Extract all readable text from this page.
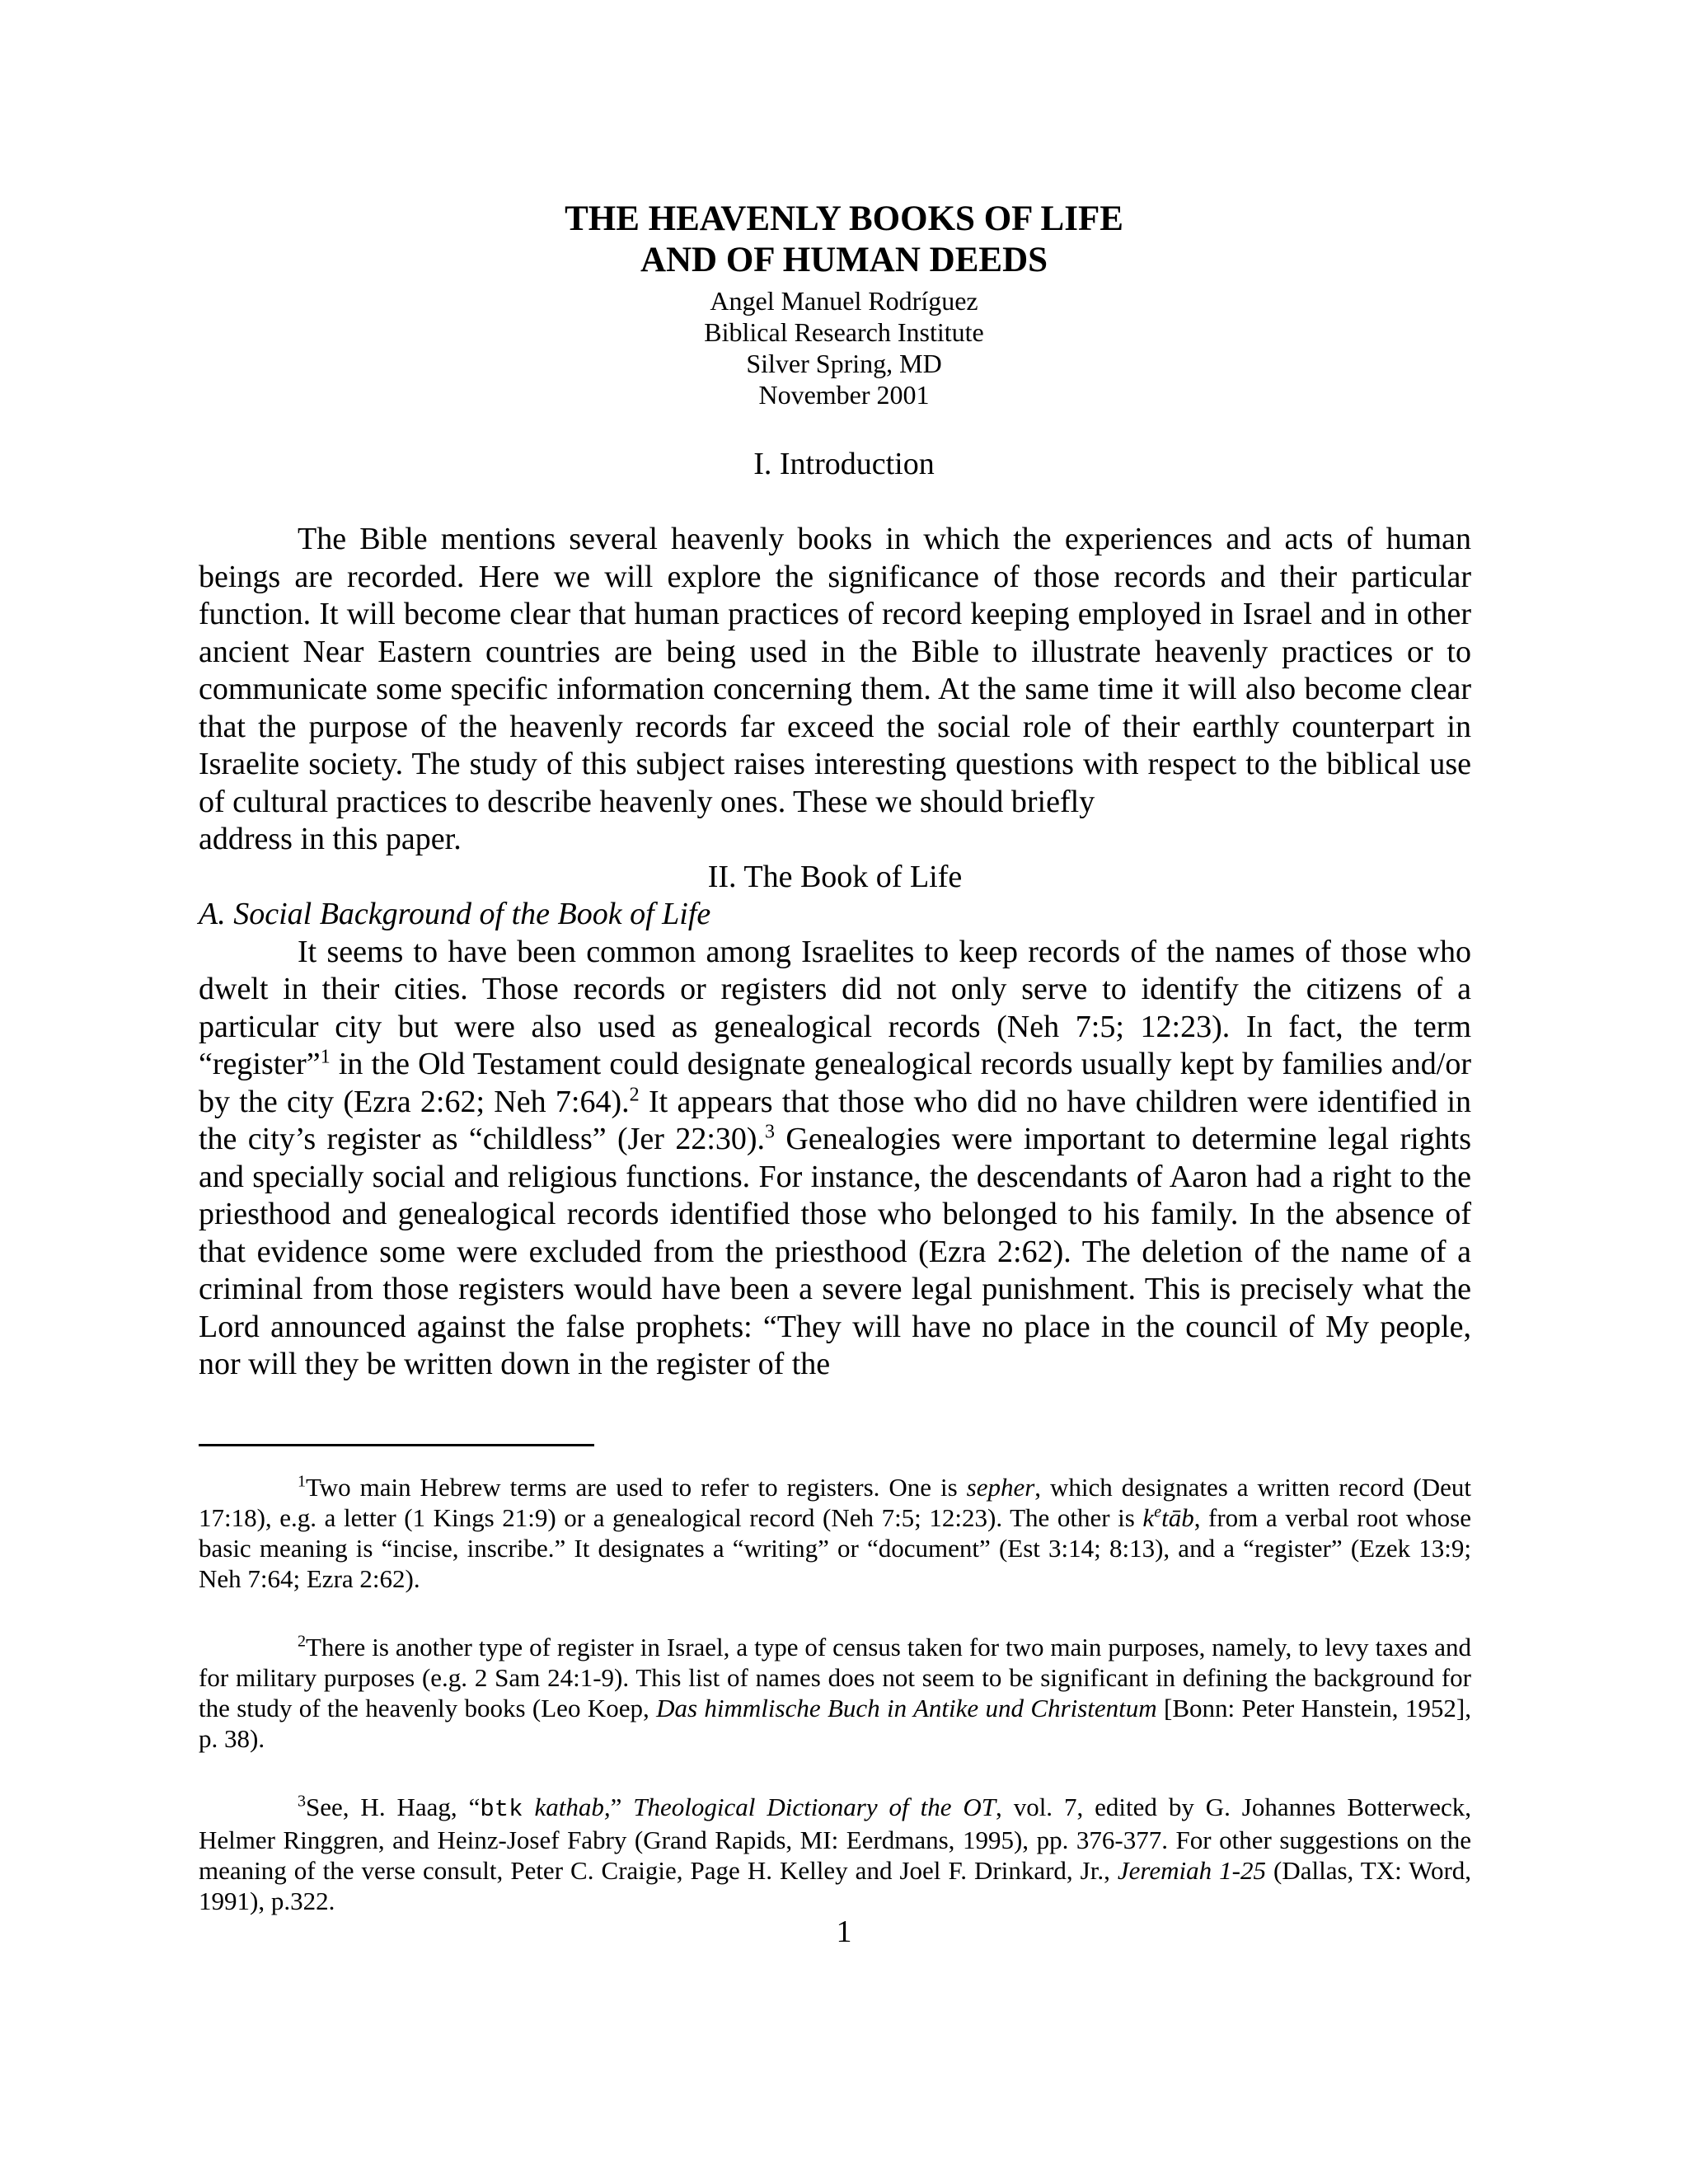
THE HEAVENLY BOOKS OF LIFE
AND OF HUMAN DEEDS
Angel Manuel Rodríguez
Biblical Research Institute
Silver Spring, MD
November 2001
I. Introduction

The Bible mentions several heavenly books in which the experiences and acts of human beings are recorded. Here we will explore the significance of those records and their particular function. It will become clear that human practices of record keeping employed in Israel and in other ancient Near Eastern countries are being used in the Bible to illustrate heavenly practices or to communicate some specific information concerning them. At the same time it will also become clear that the purpose of the heavenly records far exceed the social role of their earthly counterpart in Israelite society. The study of this subject raises interesting questions with respect to the biblical use of cultural practices to describe heavenly ones. These we should briefly

address in this paper.

II. The Book of Life

A. Social Background of the Book of Life

It seems to have been common among Israelites to keep records of the names of those who dwelt in their cities. Those records or registers did not only serve to identify the citizens of a particular city but were also used as genealogical records (Neh 7:5; 12:23). In fact, the term “register”$^1$ in the Old Testament could designate genealogical records usually kept by families and/or by the city (Ezra 2:62; Neh 7:64).$^2$ It appears that those who did no have children were identified in the city’s register as “childless” (Jer 22:30).$^3$ Genealogies were important to determine legal rights and specially social and religious functions. For instance, the descendants of Aaron had a right to the priesthood and genealogical records identified those who belonged to his family. In the absence of that evidence some were excluded from the priesthood (Ezra 2:62). The deletion of the name of a criminal from those registers would have been a severe legal punishment. This is precisely what the Lord announced against the false prophets: “They will have no place in the council of My people, nor will they be written down in the register of the

$^1$Two main Hebrew terms are used to refer to registers. One is sepher, which designates a written record (Deut 17:18), e.g. a letter (1 Kings 21:9) or a genealogical record (Neh 7:5; 12:23). The other is $k^etāb$, from a verbal root whose basic meaning is “incise, inscribe.” It designates a “writing” or “document” (Est 3:14; 8:13), and a “register” (Ezek 13:9; Neh 7:64; Ezra 2:62).

$^2$There is another type of register in Israel, a type of census taken for two main purposes, namely, to levy taxes and for military purposes (e.g. 2 Sam 24:1-9). This list of names does not seem to be significant in defining the background for the study of the heavenly books (Leo Koep, Das himmlische Buch in Antike und Christentum [Bonn: Peter Hanstein, 1952], p. 38).

$^3$See, H. Haag, “btk kathab,” Theological Dictionary of the OT, vol. 7, edited by G. Johannes Botterweck, Helmer Ringgren, and Heinz-Josef Fabry (Grand Rapids, MI: Eerdmans, 1995), pp. 376-377. For other suggestions on the meaning of the verse consult, Peter C. Craigie, Page H. Kelley and Joel F. Drinkard, Jr., Jeremiah 1-25 (Dallas, TX: Word, 1991), p.322.

1
